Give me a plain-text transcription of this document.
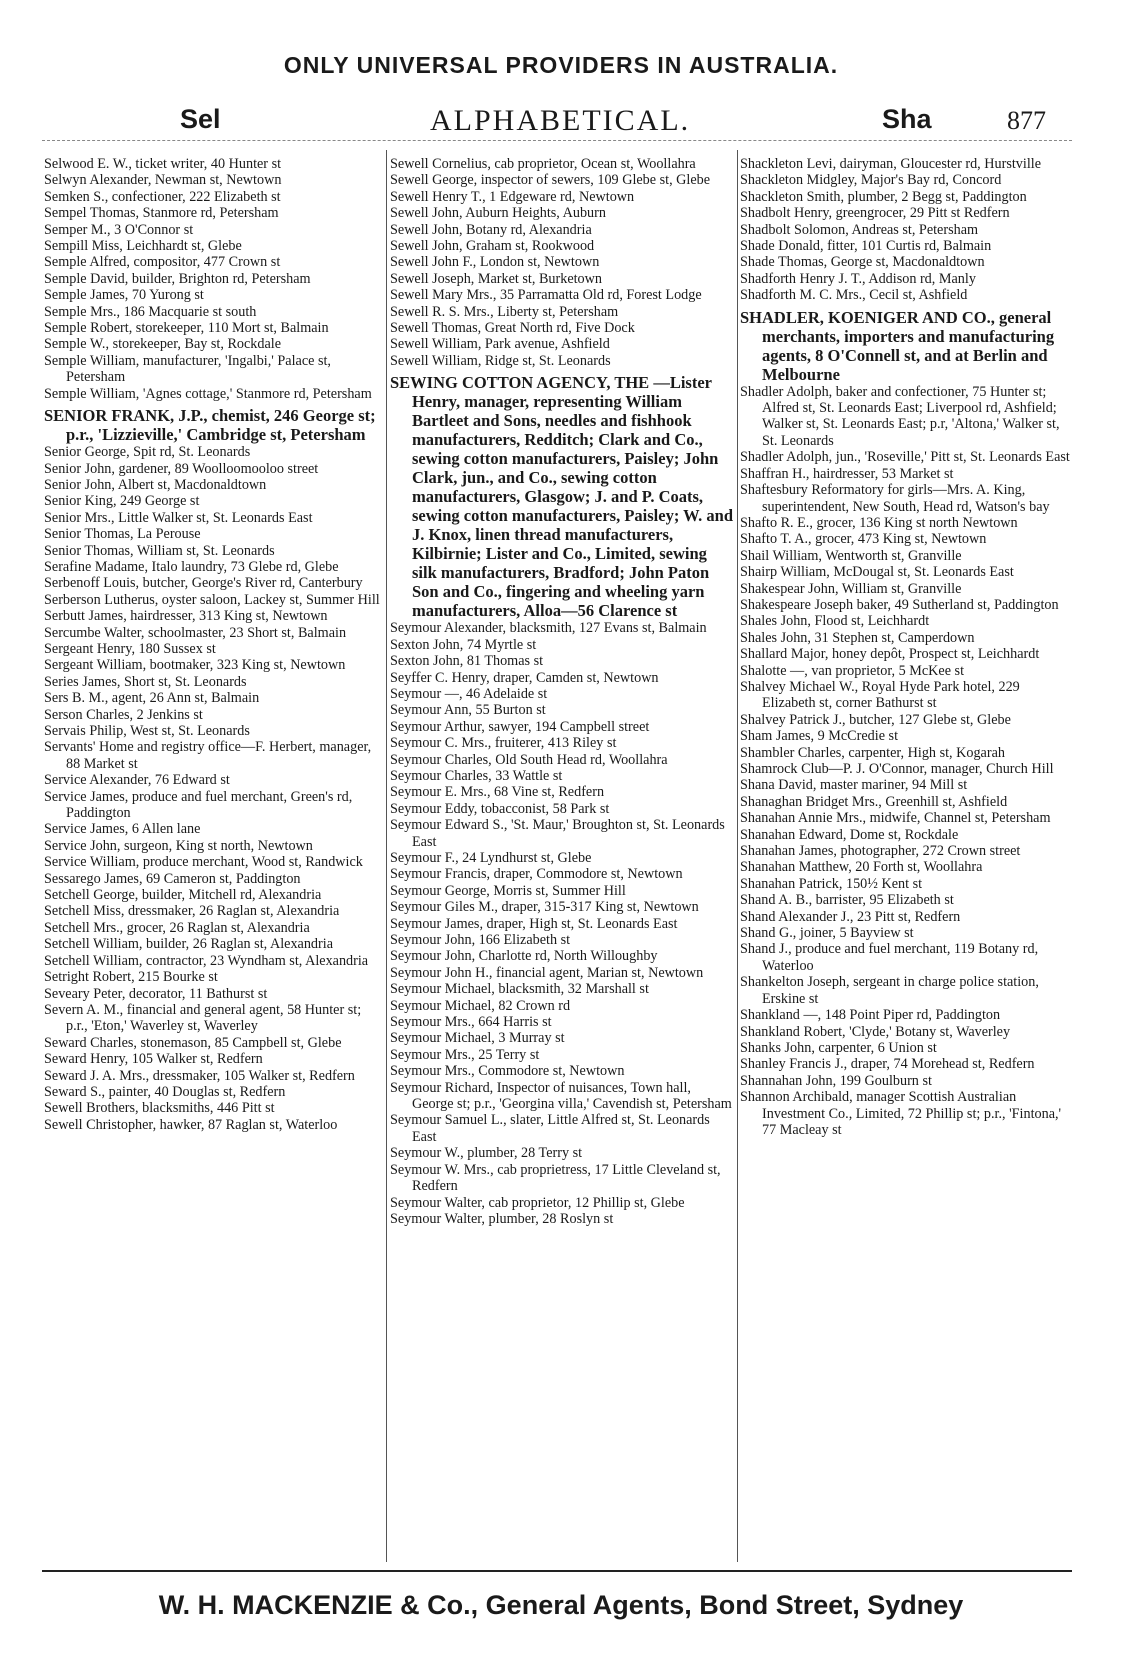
ONLY UNIVERSAL PROVIDERS IN AUSTRALIA.
Sel	ALPHABETICAL.	Sha	877

Selwood E. W., ticket writer, 40 Hunter st

Selwyn Alexander, Newman st, Newtown

Semken S., confectioner, 222 Elizabeth st

Sempel Thomas, Stanmore rd, Petersham

Semper M., 3 O'Connor st

Sempill Miss, Leichhardt st, Glebe

Semple Alfred, compositor, 477 Crown st

Semple David, builder, Brighton rd, Petersham

Semple James, 70 Yurong st

Semple Mrs., 186 Macquarie st south

Semple Robert, storekeeper, 110 Mort st, Balmain

Semple W., storekeeper, Bay st, Rockdale

Semple William, manufacturer, 'Ingalbi,' Palace st, Petersham

Semple William, 'Agnes cottage,' Stanmore rd, Petersham

SENIOR FRANK, J.P., chemist, 246 George st; p.r., 'Lizzieville,' Cambridge st, Petersham

Senior George, Spit rd, St. Leonards

Senior John, gardener, 89 Woolloomooloo street

Senior John, Albert st, Macdonaldtown

Senior King, 249 George st

Senior Mrs., Little Walker st, St. Leonards East

Senior Thomas, La Perouse

Senior Thomas, William st, St. Leonards

Serafine Madame, Italo laundry, 73 Glebe rd, Glebe

Serbenoff Louis, butcher, George's River rd, Canterbury

Serberson Lutherus, oyster saloon, Lackey st, Summer Hill

Serbutt James, hairdresser, 313 King st, Newtown

Sercumbe Walter, schoolmaster, 23 Short st, Balmain

Sergeant Henry, 180 Sussex st

Sergeant William, bootmaker, 323 King st, Newtown

Series James, Short st, St. Leonards

Sers B. M., agent, 26 Ann st, Balmain

Serson Charles, 2 Jenkins st

Servais Philip, West st, St. Leonards

Servants' Home and registry office—F. Herbert, manager, 88 Market st

Service Alexander, 76 Edward st

Service James, produce and fuel merchant, Green's rd, Paddington

Service James, 6 Allen lane

Service John, surgeon, King st north, Newtown

Service William, produce merchant, Wood st, Randwick

Sessarego James, 69 Cameron st, Paddington

Setchell George, builder, Mitchell rd, Alexandria

Setchell Miss, dressmaker, 26 Raglan st, Alexandria

Setchell Mrs., grocer, 26 Raglan st, Alexandria

Setchell William, builder, 26 Raglan st, Alexandria

Setchell William, contractor, 23 Wyndham st, Alexandria

Setright Robert, 215 Bourke st

Seveary Peter, decorator, 11 Bathurst st

Severn A. M., financial and general agent, 58 Hunter st; p.r., 'Eton,' Waverley st, Waverley

Seward Charles, stonemason, 85 Campbell st, Glebe

Seward Henry, 105 Walker st, Redfern

Seward J. A. Mrs., dressmaker, 105 Walker st, Redfern

Seward S., painter, 40 Douglas st, Redfern

Sewell Brothers, blacksmiths, 446 Pitt st

Sewell Christopher, hawker, 87 Raglan st, Waterloo

Sewell Cornelius, cab proprietor, Ocean st, Woollahra

Sewell George, inspector of sewers, 109 Glebe st, Glebe

Sewell Henry T., 1 Edgeware rd, Newtown

Sewell John, Auburn Heights, Auburn

Sewell John, Botany rd, Alexandria

Sewell John, Graham st, Rookwood

Sewell John F., London st, Newtown

Sewell Joseph, Market st, Burketown

Sewell Mary Mrs., 35 Parramatta Old rd, Forest Lodge

Sewell R. S. Mrs., Liberty st, Petersham

Sewell Thomas, Great North rd, Five Dock

Sewell William, Park avenue, Ashfield

Sewell William, Ridge st, St. Leonards

SEWING COTTON AGENCY, THE —Lister Henry, manager, representing William Bartleet and Sons, needles and fishhook manufacturers, Redditch; Clark and Co., sewing cotton manufacturers, Paisley; John Clark, jun., and Co., sewing cotton manufacturers, Glasgow; J. and P. Coats, sewing cotton manufacturers, Paisley; W. and J. Knox, linen thread manufacturers, Kilbirnie; Lister and Co., Limited, sewing silk manufacturers, Bradford; John Paton Son and Co., fingering and wheeling yarn manufacturers, Alloa—56 Clarence st

Seymour Alexander, blacksmith, 127 Evans st, Balmain

Sexton John, 74 Myrtle st

Sexton John, 81 Thomas st

Seyffer C. Henry, draper, Camden st, Newtown

Seymour —, 46 Adelaide st

Seymour Ann, 55 Burton st

Seymour Arthur, sawyer, 194 Campbell street

Seymour C. Mrs., fruiterer, 413 Riley st

Seymour Charles, Old South Head rd, Woollahra

Seymour Charles, 33 Wattle st

Seymour E. Mrs., 68 Vine st, Redfern

Seymour Eddy, tobacconist, 58 Park st

Seymour Edward S., 'St. Maur,' Broughton st, St. Leonards East

Seymour F., 24 Lyndhurst st, Glebe

Seymour Francis, draper, Commodore st, Newtown

Seymour George, Morris st, Summer Hill

Seymour Giles M., draper, 315-317 King st, Newtown

Seymour James, draper, High st, St. Leonards East

Seymour John, 166 Elizabeth st

Seymour John, Charlotte rd, North Willoughby

Seymour John H., financial agent, Marian st, Newtown

Seymour Michael, blacksmith, 32 Marshall st

Seymour Michael, 82 Crown rd

Seymour Mrs., 664 Harris st

Seymour Michael, 3 Murray st

Seymour Mrs., 25 Terry st

Seymour Mrs., Commodore st, Newtown

Seymour Richard, Inspector of nuisances, Town hall, George st; p.r., 'Georgina villa,' Cavendish st, Petersham

Seymour Samuel L., slater, Little Alfred st, St. Leonards East

Seymour W., plumber, 28 Terry st

Seymour W. Mrs., cab proprietress, 17 Little Cleveland st, Redfern

Seymour Walter, cab proprietor, 12 Phillip st, Glebe

Seymour Walter, plumber, 28 Roslyn st

Shackleton Levi, dairyman, Gloucester rd, Hurstville

Shackleton Midgley, Major's Bay rd, Concord

Shackleton Smith, plumber, 2 Begg st, Paddington

Shadbolt Henry, greengrocer, 29 Pitt st Redfern

Shadbolt Solomon, Andreas st, Petersham

Shade Donald, fitter, 101 Curtis rd, Balmain

Shade Thomas, George st, Macdonaldtown

Shadforth Henry J. T., Addison rd, Manly

Shadforth M. C. Mrs., Cecil st, Ashfield

SHADLER, KOENIGER AND CO., general merchants, importers and manufacturing agents, 8 O'Connell st, and at Berlin and Melbourne

Shadler Adolph, baker and confectioner, 75 Hunter st; Alfred st, St. Leonards East; Liverpool rd, Ashfield; Walker st, St. Leonards East; p.r, 'Altona,' Walker st, St. Leonards

Shadler Adolph, jun., 'Roseville,' Pitt st, St. Leonards East

Shaffran H., hairdresser, 53 Market st

Shaftesbury Reformatory for girls—Mrs. A. King, superintendent, New South, Head rd, Watson's bay

Shafto R. E., grocer, 136 King st north Newtown

Shafto T. A., grocer, 473 King st, Newtown

Shail William, Wentworth st, Granville

Shairp William, McDougal st, St. Leonards East

Shakespear John, William st, Granville

Shakespeare Joseph baker, 49 Sutherland st, Paddington

Shales John, Flood st, Leichhardt

Shales John, 31 Stephen st, Camperdown

Shallard Major, honey depôt, Prospect st, Leichhardt

Shalotte —, van proprietor, 5 McKee st

Shalvey Michael W., Royal Hyde Park hotel, 229 Elizabeth st, corner Bathurst st

Shalvey Patrick J., butcher, 127 Glebe st, Glebe

Sham James, 9 McCredie st

Shambler Charles, carpenter, High st, Kogarah

Shamrock Club—P. J. O'Connor, manager, Church Hill

Shana David, master mariner, 94 Mill st

Shanaghan Bridget Mrs., Greenhill st, Ashfield

Shanahan Annie Mrs., midwife, Channel st, Petersham

Shanahan Edward, Dome st, Rockdale

Shanahan James, photographer, 272 Crown street

Shanahan Matthew, 20 Forth st, Woollahra

Shanahan Patrick, 150½ Kent st

Shand A. B., barrister, 95 Elizabeth st

Shand Alexander J., 23 Pitt st, Redfern

Shand G., joiner, 5 Bayview st

Shand J., produce and fuel merchant, 119 Botany rd, Waterloo

Shankelton Joseph, sergeant in charge police station, Erskine st

Shankland —, 148 Point Piper rd, Paddington

Shankland Robert, 'Clyde,' Botany st, Waverley

Shanks John, carpenter, 6 Union st

Shanley Francis J., draper, 74 Morehead st, Redfern

Shannahan John, 199 Goulburn st

Shannon Archibald, manager Scottish Australian Investment Co., Limited, 72 Phillip st; p.r., 'Fintona,' 77 Macleay st

W. H. MACKENZIE & Co., General Agents, Bond Street, Sydney
